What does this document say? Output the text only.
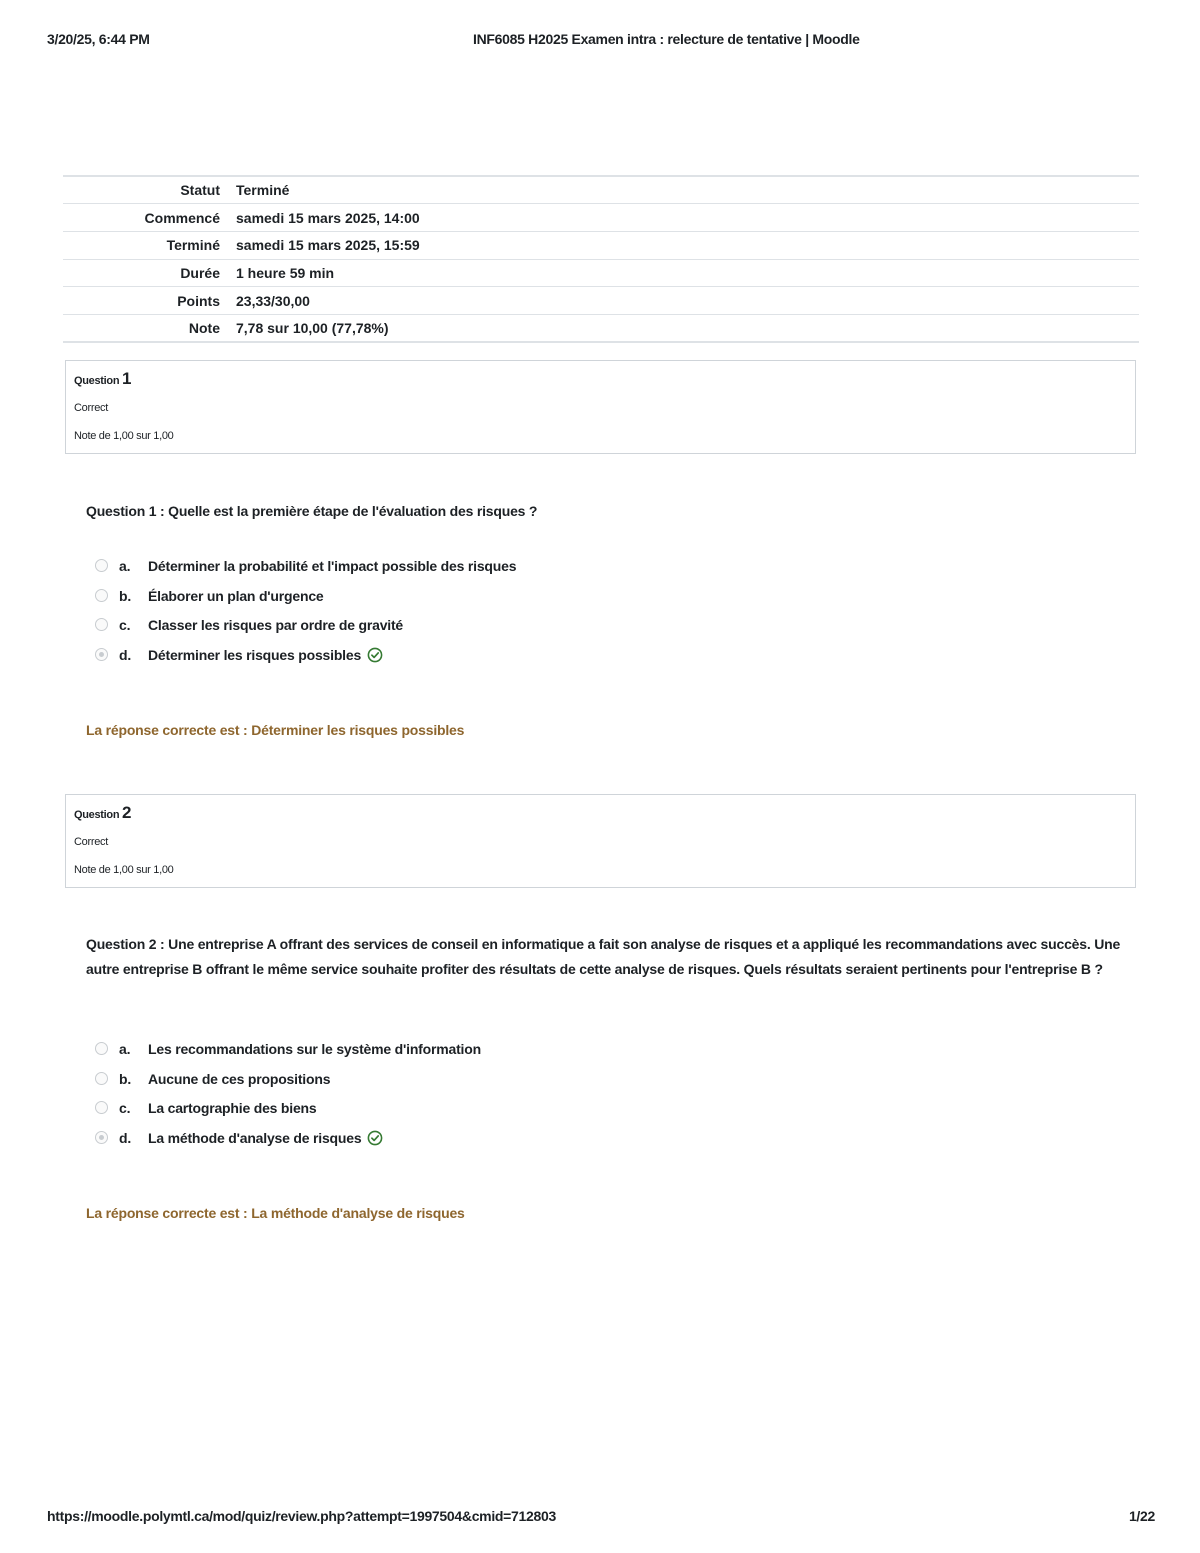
3/20/25, 6:44 PM	INF6085 H2025 Examen intra : relecture de tentative | Moodle
Statut	Terminé
Commencé	samedi 15 mars 2025, 14:00
Terminé	samedi 15 mars 2025, 15:59
Durée	1 heure 59 min
Points	23,33/30,00
Note	7,78 sur 10,00 (77,78%)
Question 1
Correct
Note de 1,00 sur 1,00
Question 1 : Quelle est la première étape de l'évaluation des risques ?
a. Déterminer la probabilité et l'impact possible des risques
b. Élaborer un plan d'urgence
c. Classer les risques par ordre de gravité
d. Déterminer les risques possibles
La réponse correcte est : Déterminer les risques possibles
Question 2
Correct
Note de 1,00 sur 1,00
Question 2 : Une entreprise A offrant des services de conseil en informatique a fait son analyse de risques et a appliqué les recommandations avec succès. Une autre entreprise B offrant le même service souhaite profiter des résultats de cette analyse de risques. Quels résultats seraient pertinents pour l'entreprise B ?
a. Les recommandations sur le système d'information
b. Aucune de ces propositions
c. La cartographie des biens
d. La méthode d'analyse de risques
La réponse correcte est : La méthode d'analyse de risques
https://moodle.polymtl.ca/mod/quiz/review.php?attempt=1997504&cmid=712803	1/22
